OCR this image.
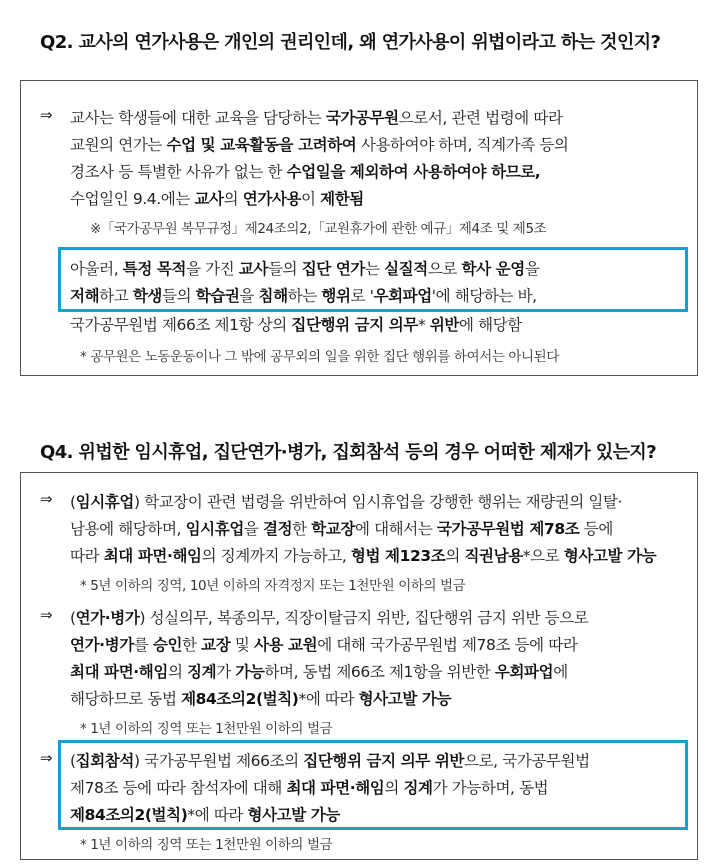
Q2. 교사의 연가사용은 개인의 권리인데, 왜 연가사용이 위법이라고 하는 것인지?
⇒ 교사는 학생들에 대한 교육을 담당하는 국가공무원으로서, 관련 법령에 따라
교원의 연가는 수업 및 교육활동을 고려하여 사용하여야 하며, 직계가족 등의
경조사 등 특별한 사유가 없는 한 수업일을 제외하여 사용하여야 하므로,
수업일인 9.4.에는 교사의 연가사용이 제한됨
※「국가공무원 복무규정」제24조의2,「교원휴가에 관한 예규」제4조 및 제5조
아울러, 특정 목적을 가진 교사들의 집단 연가는 실질적으로 학사 운영을
저해하고 학생들의 학습권을 침해하는 행위로 '우회파업'에 해당하는 바,
국가공무원법 제66조 제1항 상의 집단행위 금지 의무* 위반에 해당함
* 공무원은 노동운동이나 그 밖에 공무외의 일을 위한 집단 행위를 하여서는 아니된다
Q4. 위법한 임시휴업, 집단연가·병가, 집회참석 등의 경우 어떠한 제재가 있는지?
⇒ (임시휴업) 학교장이 관련 법령을 위반하여 임시휴업을 강행한 행위는 재량권의 일탈·
남용에 해당하며, 임시휴업을 결정한 학교장에 대해서는 국가공무원법 제78조 등에
따라 최대 파면·해임의 징계까지 가능하고, 형법 제123조의 직권남용*으로 형사고발 가능
* 5년 이하의 징역, 10년 이하의 자격정지 또는 1천만원 이하의 벌금
⇒ (연가·병가) 성실의무, 복종의무, 직장이탈금지 위반, 집단행위 금지 위반 등으로
연가·병가를 승인한 교장 및 사용 교원에 대해 국가공무원법 제78조 등에 따라
최대 파면·해임의 징계가 가능하며, 동법 제66조 제1항을 위반한 우회파업에
해당하므로 동법 제84조의2(벌칙)*에 따라 형사고발 가능
* 1년 이하의 징역 또는 1천만원 이하의 벌금
⇒ (집회참석) 국가공무원법 제66조의 집단행위 금지 의무 위반으로, 국가공무원법
제78조 등에 따라 참석자에 대해 최대 파면·해임의 징계가 가능하며, 동법
제84조의2(벌칙)*에 따라 형사고발 가능
* 1년 이하의 징역 또는 1천만원 이하의 벌금
